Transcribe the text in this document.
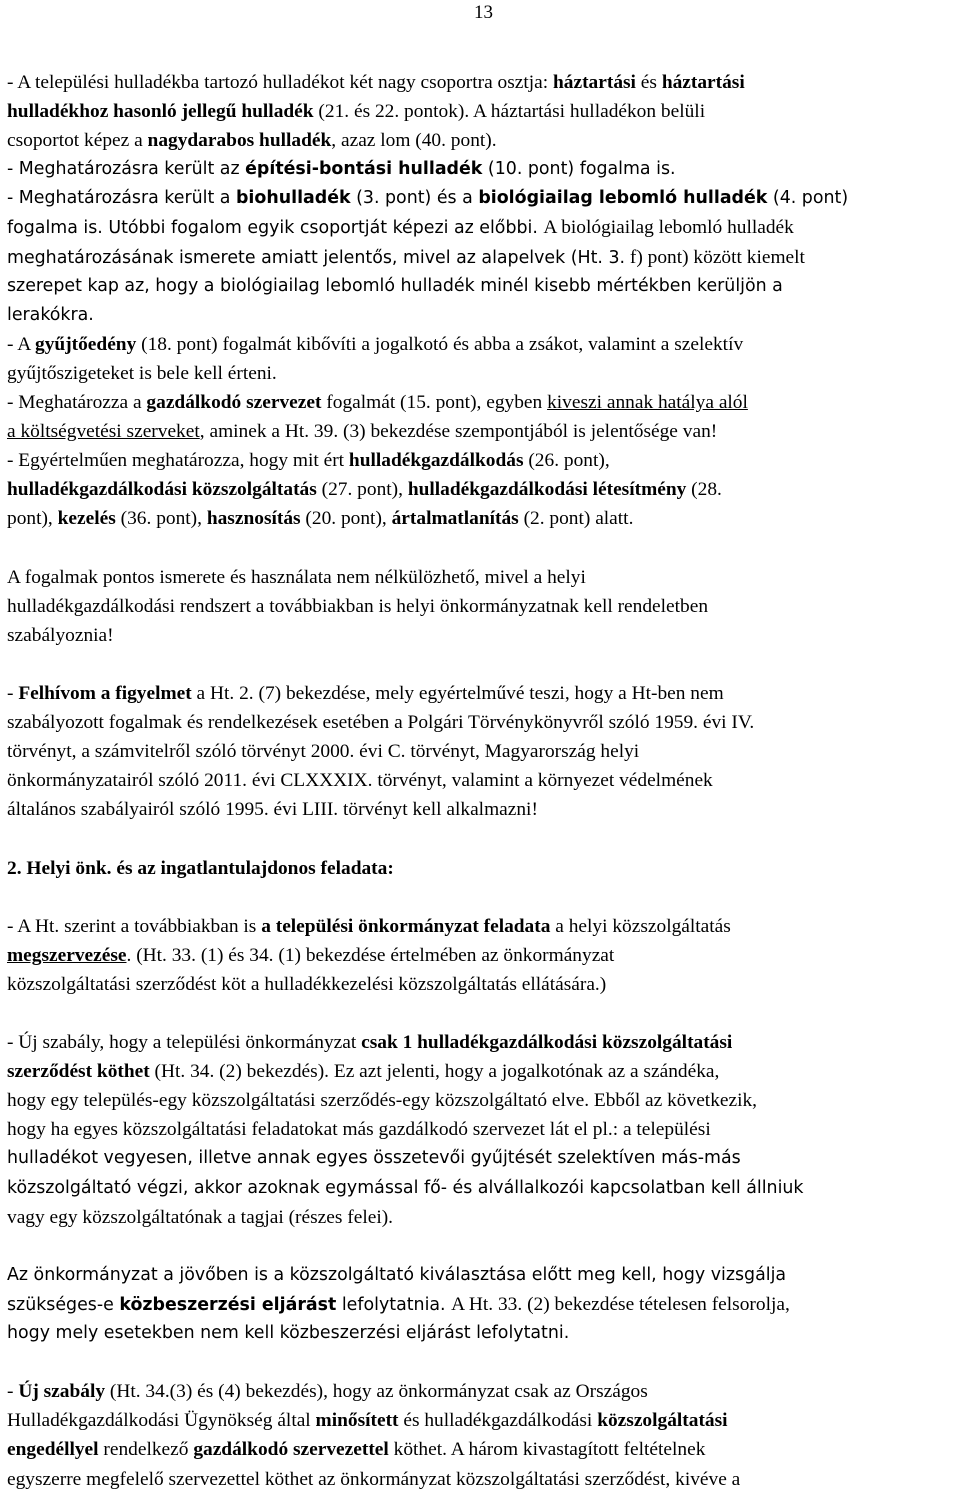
13
- A települési hulladékba tartozó hulladékot két nagy csoportra osztja: háztartási és háztartási
hulladékhoz hasonló jellegű hulladék (21. és 22. pontok). A háztartási hulladékon belüli
csoportot képez a nagydarabos hulladék, azaz lom (40. pont).
- Meghatározásra került az építési-bontási hulladék (10. pont) fogalma is.
- Meghatározásra került a biohulladék (3. pont) és a biológiailag lebomló hulladék (4. pont)
fogalma is. Utóbbi fogalom egyik csoportját képezi az előbbi. A biológiailag lebomló hulladék
meghatározásának ismerete amiatt jelentős, mivel az alapelvek (Ht. 3. f) pont) között kiemelt
szerepet kap az, hogy a biológiailag lebomló hulladék minél kisebb mértékben kerüljön a
lerakókra.
- A gyűjtőedény (18. pont) fogalmát kibővíti a jogalkotó és abba a zsákot, valamint a szelektív
gyűjtőszigeteket is bele kell érteni.
- Meghatározza a gazdálkodó szervezet fogalmát (15. pont), egyben kiveszi annak hatálya alól
a költségvetési szerveket, aminek a Ht. 39. (3) bekezdése szempontjából is jelentősége van!
- Egyértelműen meghatározza, hogy mit ért hulladékgazdálkodás (26. pont),
hulladékgazdálkodási közszolgáltatás (27. pont), hulladékgazdálkodási létesítmény (28.
pont), kezelés (36. pont), hasznosítás (20. pont), ártalmatlanítás (2. pont) alatt.
A fogalmak pontos ismerete és használata nem nélkülözhető, mivel a helyi
hulladékgazdálkodási rendszert a továbbiakban is helyi önkormányzatnak kell rendeletben
szabályoznia!
- Felhívom a figyelmet a Ht. 2. (7) bekezdése, mely egyértelművé teszi, hogy a Ht-ben nem
szabályozott fogalmak és rendelkezések esetében a Polgári Törvénykönyvről szóló 1959. évi IV.
törvényt, a számvitelről szóló törvényt 2000. évi C. törvényt, Magyarország helyi
önkormányzatairól szóló 2011. évi CLXXXIX. törvényt, valamint a környezet védelmének
általános szabályairól szóló 1995. évi LIII. törvényt kell alkalmazni!
2. Helyi önk. és az ingatlantulajdonos feladata:
- A Ht. szerint a továbbiakban is a települési önkormányzat feladata a helyi közszolgáltatás
megszervezése. (Ht. 33. (1) és 34. (1) bekezdése értelmében az önkormányzat
közszolgáltatási szerződést köt a hulladékkezelési közszolgáltatás ellátására.)
- Új szabály, hogy a települési önkormányzat csak 1 hulladékgazdálkodási közszolgáltatási
szerződést köthet (Ht. 34. (2) bekezdés). Ez azt jelenti, hogy a jogalkotónak az a szándéka,
hogy egy település-egy közszolgáltatási szerződés-egy közszolgáltató elve. Ebből az következik,
hogy ha egyes közszolgáltatási feladatokat más gazdálkodó szervezet lát el pl.: a települési
hulladékot vegyesen, illetve annak egyes összetevői gyűjtését szelektíven más-más
közszolgáltató végzi, akkor azoknak egymással fő- és alvállalkozói kapcsolatban kell állniuk
vagy egy közszolgáltatónak a tagjai (részes felei).
Az önkormányzat a jövőben is a közszolgáltató kiválasztása előtt meg kell, hogy vizsgálja
szükséges-e közbeszerzési eljárást lefolytatnia. A Ht. 33. (2) bekezdése tételesen felsorolja,
hogy mely esetekben nem kell közbeszerzési eljárást lefolytatni.
- Új szabály (Ht. 34.(3) és (4) bekezdés), hogy az önkormányzat csak az Országos
Hulladékgazdálkodási Ügynökség által minősített és hulladékgazdálkodási közszolgáltatási
engedéllyel rendelkező gazdálkodó szervezettel köthet. A három kivastagított feltételnek
egyszerre megfelelő szervezettel köthet az önkormányzat közszolgáltatási szerződést, kivéve a
